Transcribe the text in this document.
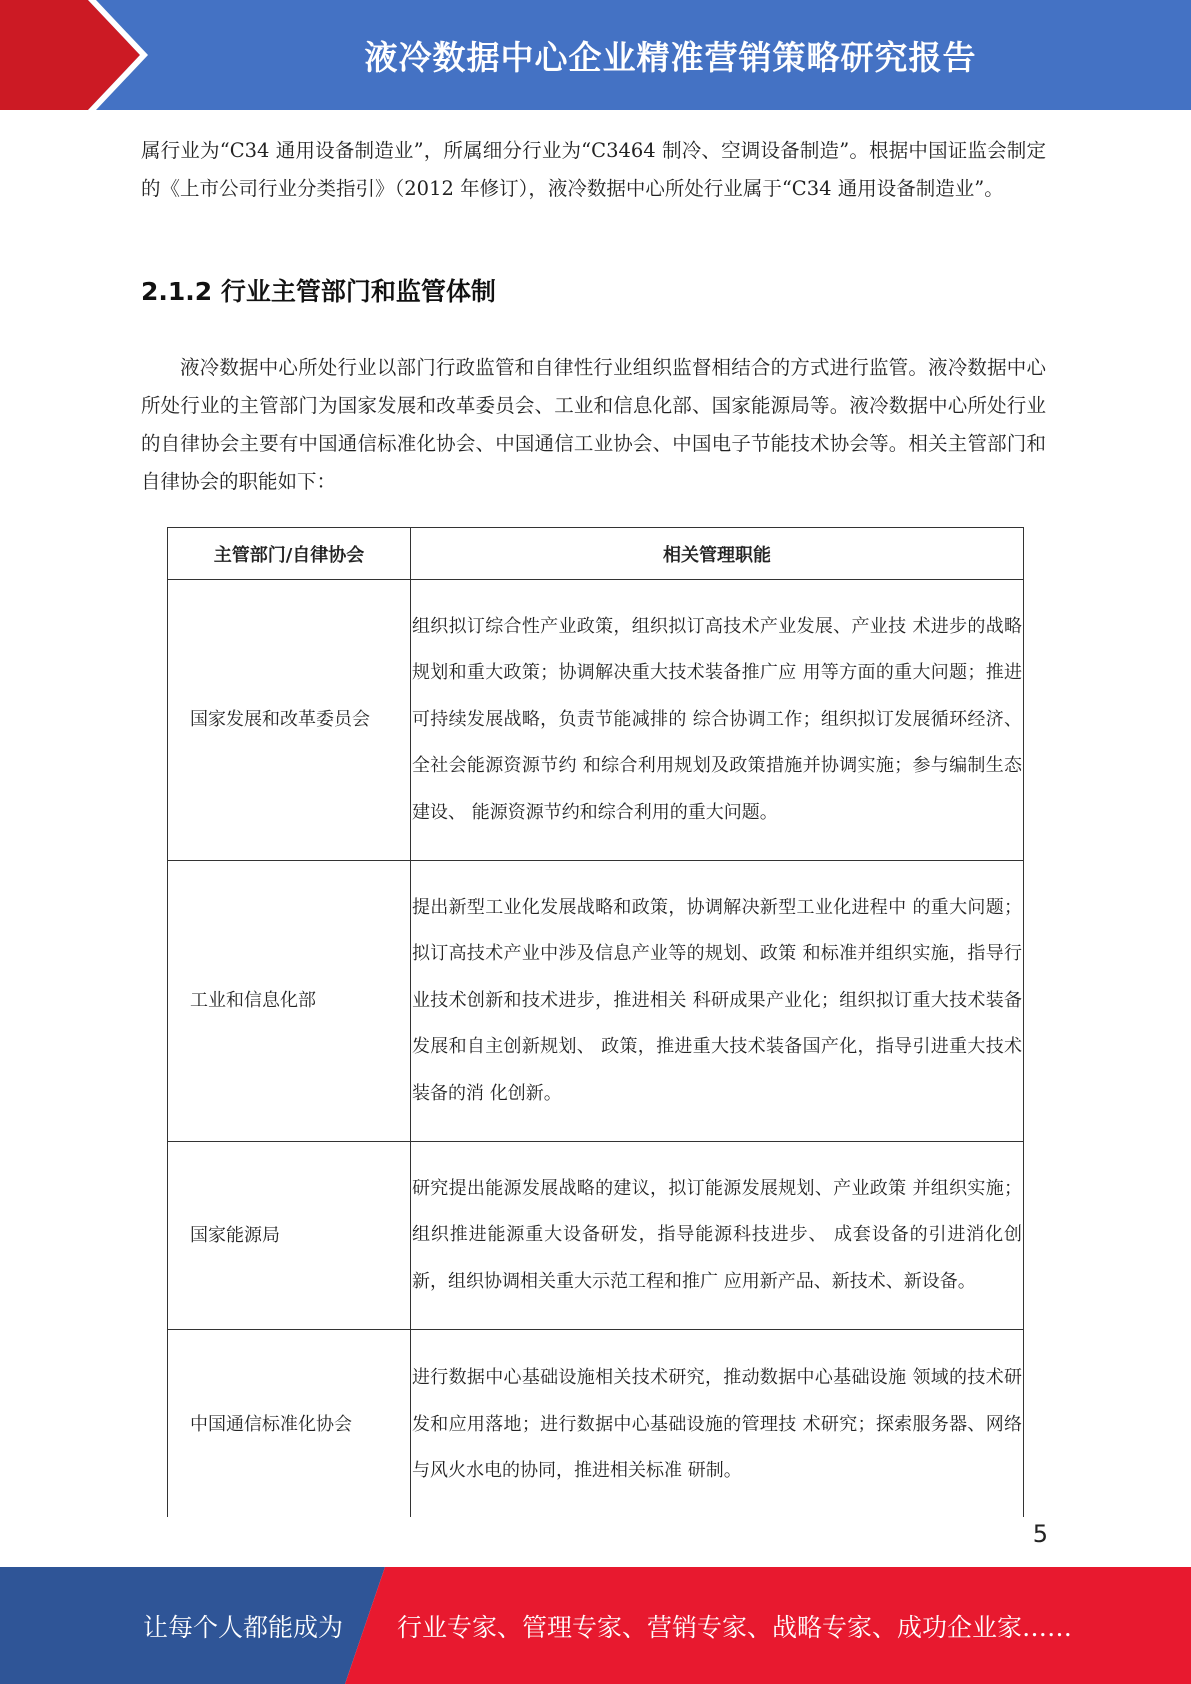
液冷数据中心企业精准营销策略研究报告

属行业为“C34 通用设备制造业”，所属细分行业为“C3464 制冷、空调设备制造”。根据中国证监会制定的《上市公司行业分类指引》（2012 年修订），液冷数据中心所处行业属于“C34 通用设备制造业”。

2.1.2 行业主管部门和监管体制

液冷数据中心所处行业以部门行政监管和自律性行业组织监督相结合的方式进行监管。液冷数据中心所处行业的主管部门为国家发展和改革委员会、工业和信息化部、国家能源局等。液冷数据中心所处行业的自律协会主要有中国通信标准化协会、中国通信工业协会、中国电子节能技术协会等。相关主管部门和自律协会的职能如下：

主管部门/自律协会	相关管理职能
国家发展和改革委员会	组织拟订综合性产业政策，组织拟订高技术产业发展、产业技 术进步的战略规划和重大政策；协调解决重大技术装备推广应 用等方面的重大问题；推进可持续发展战略，负责节能减排的 综合协调工作；组织拟订发展循环经济、全社会能源资源节约 和综合利用规划及政策措施并协调实施；参与编制生态建设、 能源资源节约和综合利用的重大问题。
工业和信息化部	提出新型工业化发展战略和政策，协调解决新型工业化进程中 的重大问题；拟订高技术产业中涉及信息产业等的规划、政策 和标准并组织实施，指导行业技术创新和技术进步，推进相关 科研成果产业化；组织拟订重大技术装备发展和自主创新规划、 政策，推进重大技术装备国产化，指导引进重大技术装备的消 化创新。
国家能源局	研究提出能源发展战略的建议，拟订能源发展规划、产业政策 并组织实施；组织推进能源重大设备研发，指导能源科技进步、 成套设备的引进消化创新，组织协调相关重大示范工程和推广 应用新产品、新技术、新设备。
中国通信标准化协会	进行数据中心基础设施相关技术研究，推动数据中心基础设施 领域的技术研发和应用落地；进行数据中心基础设施的管理技 术研究；探索服务器、网络与风火水电的协同，推进相关标准 研制。
5
让每个人都能成为 行业专家、管理专家、营销专家、战略专家、成功企业家……
